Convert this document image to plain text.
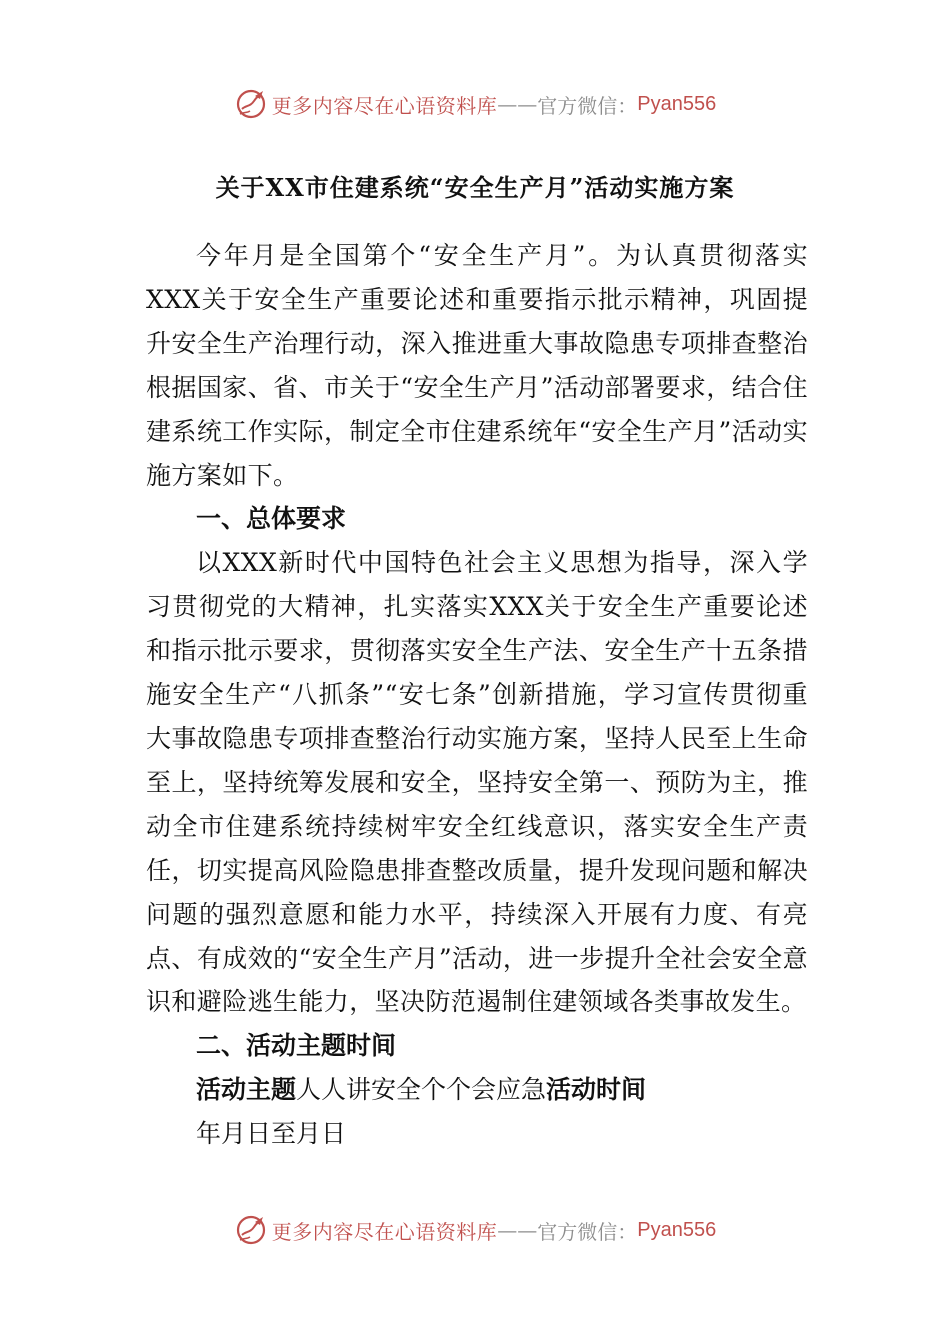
更多内容尽在心语资料库 —— 官方微信： Pyan556
关于XX市住建系统“安全生产月”活动实施方案

今年月是全国第个“安全生产月”。为认真贯彻落实XXX关于安全生产重要论述和重要指示批示精神，巩固提升安全生产治理行动，深入推进重大事故隐患专项排查整治根据国家、省、市关于“安全生产月”活动部署要求，结合住建系统工作实际，制定全市住建系统年“安全生产月”活动实施方案如下。

一、总体要求

以XXX新时代中国特色社会主义思想为指导，深入学习贯彻党的大精神，扎实落实XXX关于安全生产重要论述和指示批示要求，贯彻落实安全生产法、安全生产十五条措施安全生产“八抓条”“安七条”创新措施，学习宣传贯彻重大事故隐患专项排查整治行动实施方案，坚持人民至上生命至上，坚持统筹发展和安全，坚持安全第一、预防为主，推动全市住建系统持续树牢安全红线意识，落实安全生产责任，切实提高风险隐患排查整改质量，提升发现问题和解决问题的强烈意愿和能力水平，持续深入开展有力度、有亮点、有成效的“安全生产月”活动，进一步提升全社会安全意识和避险逃生能力，坚决防范遏制住建领域各类事故发生。

二、活动主题时间

活动主题人人讲安全个个会应急活动时间

年月日至月日

更多内容尽在心语资料库 —— 官方微信： Pyan556
